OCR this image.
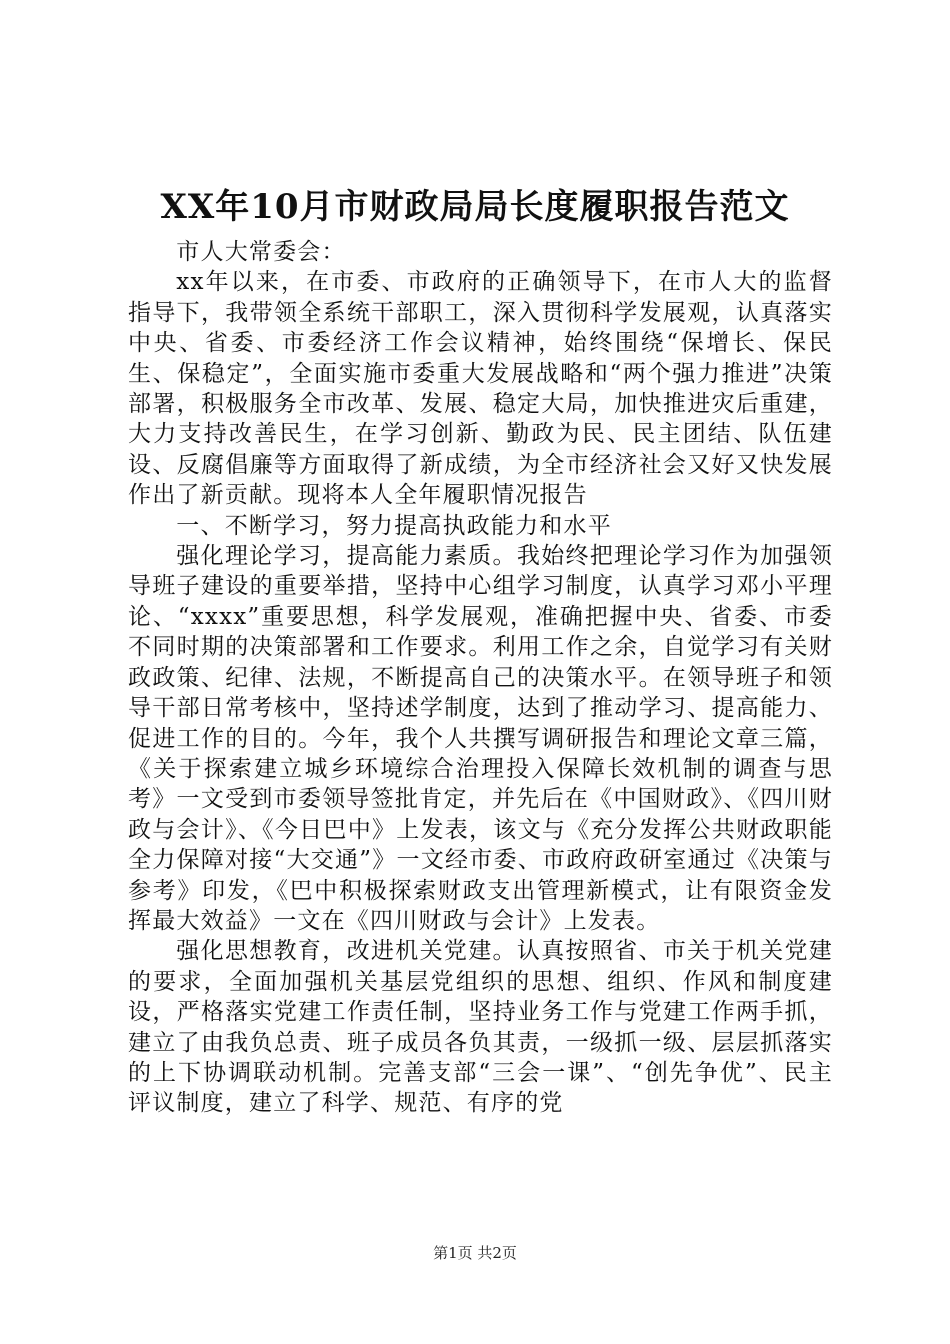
XX年10月市财政局局长度履职报告范文

市人大常委会：

xx年以来，在市委、市政府的正确领导下，在市人大的监督指导下，我带领全系统干部职工，深入贯彻科学发展观，认真落实中央、省委、市委经济工作会议精神，始终围绕“保增长、保民生、保稳定”，全面实施市委重大发展战略和“两个强力推进”决策部署，积极服务全市改革、发展、稳定大局，加快推进灾后重建，大力支持改善民生，在学习创新、勤政为民、民主团结、队伍建设、反腐倡廉等方面取得了新成绩，为全市经济社会又好又快发展作出了新贡献。现将本人全年履职情况报告

一、不断学习，努力提高执政能力和水平

强化理论学习，提高能力素质。我始终把理论学习作为加强领导班子建设的重要举措，坚持中心组学习制度，认真学习邓小平理论、“xxxx”重要思想，科学发展观，准确把握中央、省委、市委不同时期的决策部署和工作要求。利用工作之余，自觉学习有关财政政策、纪律、法规，不断提高自己的决策水平。在领导班子和领导干部日常考核中，坚持述学制度，达到了推动学习、提高能力、促进工作的目的。今年，我个人共撰写调研报告和理论文章三篇，《关于探索建立城乡环境综合治理投入保障长效机制的调查与思考》一文受到市委领导签批肯定，并先后在《中国财政》、《四川财政与会计》、《今日巴中》上发表，该文与《充分发挥公共财政职能全力保障对接“大交通”》一文经市委、市政府政研室通过《决策与参考》印发，《巴中积极探索财政支出管理新模式，让有限资金发挥最大效益》一文在《四川财政与会计》上发表。

强化思想教育，改进机关党建。认真按照省、市关于机关党建的要求，全面加强机关基层党组织的思想、组织、作风和制度建设，严格落实党建工作责任制，坚持业务工作与党建工作两手抓，建立了由我负总责、班子成员各负其责，一级抓一级、层层抓落实的上下协调联动机制。完善支部“三会一课”、“创先争优”、民主评议制度，建立了科学、规范、有序的党

第1页 共2页
